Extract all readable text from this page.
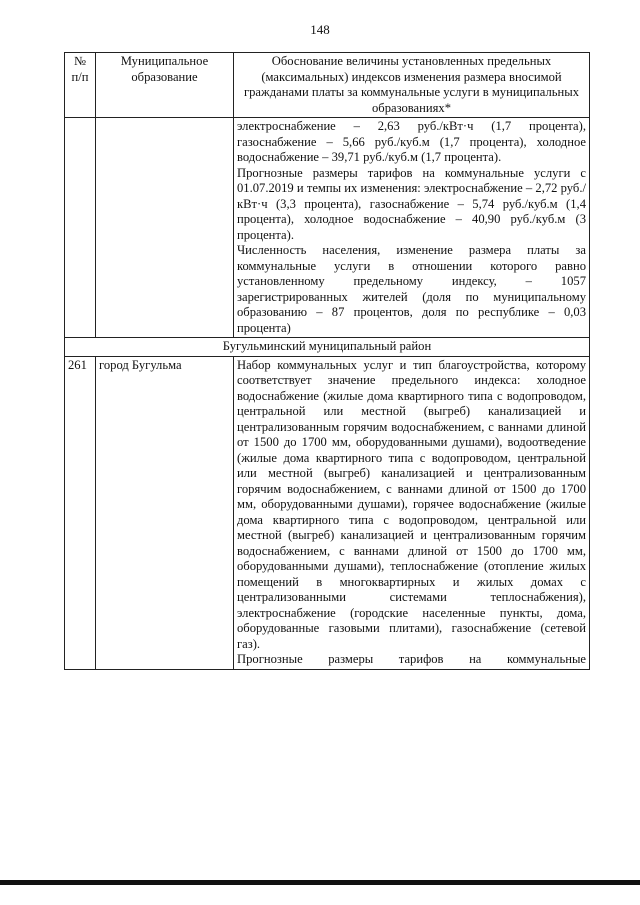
148
№ п/п	Муниципальное образование	Обоснование величины установленных предельных (максимальных) индексов изменения размера вносимой гражданами платы за коммунальные услуги в муниципальных образованиях*

		электроснабжение – 2,63 руб./кВт·ч (1,7 процента), газоснабжение – 5,66 руб./куб.м (1,7 процента), холодное водоснабжение – 39,71 руб./куб.м (1,7 процента).

Прогнозные размеры тарифов на коммунальные услуги с 01.07.2019 и темпы их изменения: электроснабжение – 2,72 руб./кВт·ч (3,3 процента), газоснабжение – 5,74 руб./куб.м (1,4 процента), холодное водоснабжение – 40,90 руб./куб.м (3 процента).

Численность населения, изменение размера платы за коммунальные услуги в отношении которого равно установленному предельному индексу, – 1057 зарегистрированных жителей (доля по муниципальному образованию – 87 процентов, доля по республике – 0,03 процента)

Бугульминский муниципальный район		
261	город Бугульма	Набор коммунальных услуг и тип благоустройства, которому соответствует значение предельного индекса: холодное водоснабжение (жилые дома квартирного типа с водопроводом, центральной или местной (выгреб) канализацией и централизованным горячим водоснабжением, с ваннами длиной от 1500 до 1700 мм, оборудованными душами), водоотведение (жилые дома квартирного типа с водопроводом, центральной или местной (выгреб) канализацией и централизованным горячим водоснабжением, с ваннами длиной от 1500 до 1700 мм, оборудованными душами), горячее водоснабжение (жилые дома квартирного типа с водопроводом, центральной или местной (выгреб) канализацией и централизованным горячим водоснабжением, с ваннами длиной от 1500 до 1700 мм, оборудованными душами), теплоснабжение (отопление жилых помещений в многоквартирных и жилых домах с централизованными системами теплоснабжения), электроснабжение (городские населенные пункты, дома, оборудованные газовыми плитами), газоснабжение (сетевой газ).

Прогнозные размеры тарифов на коммунальные
